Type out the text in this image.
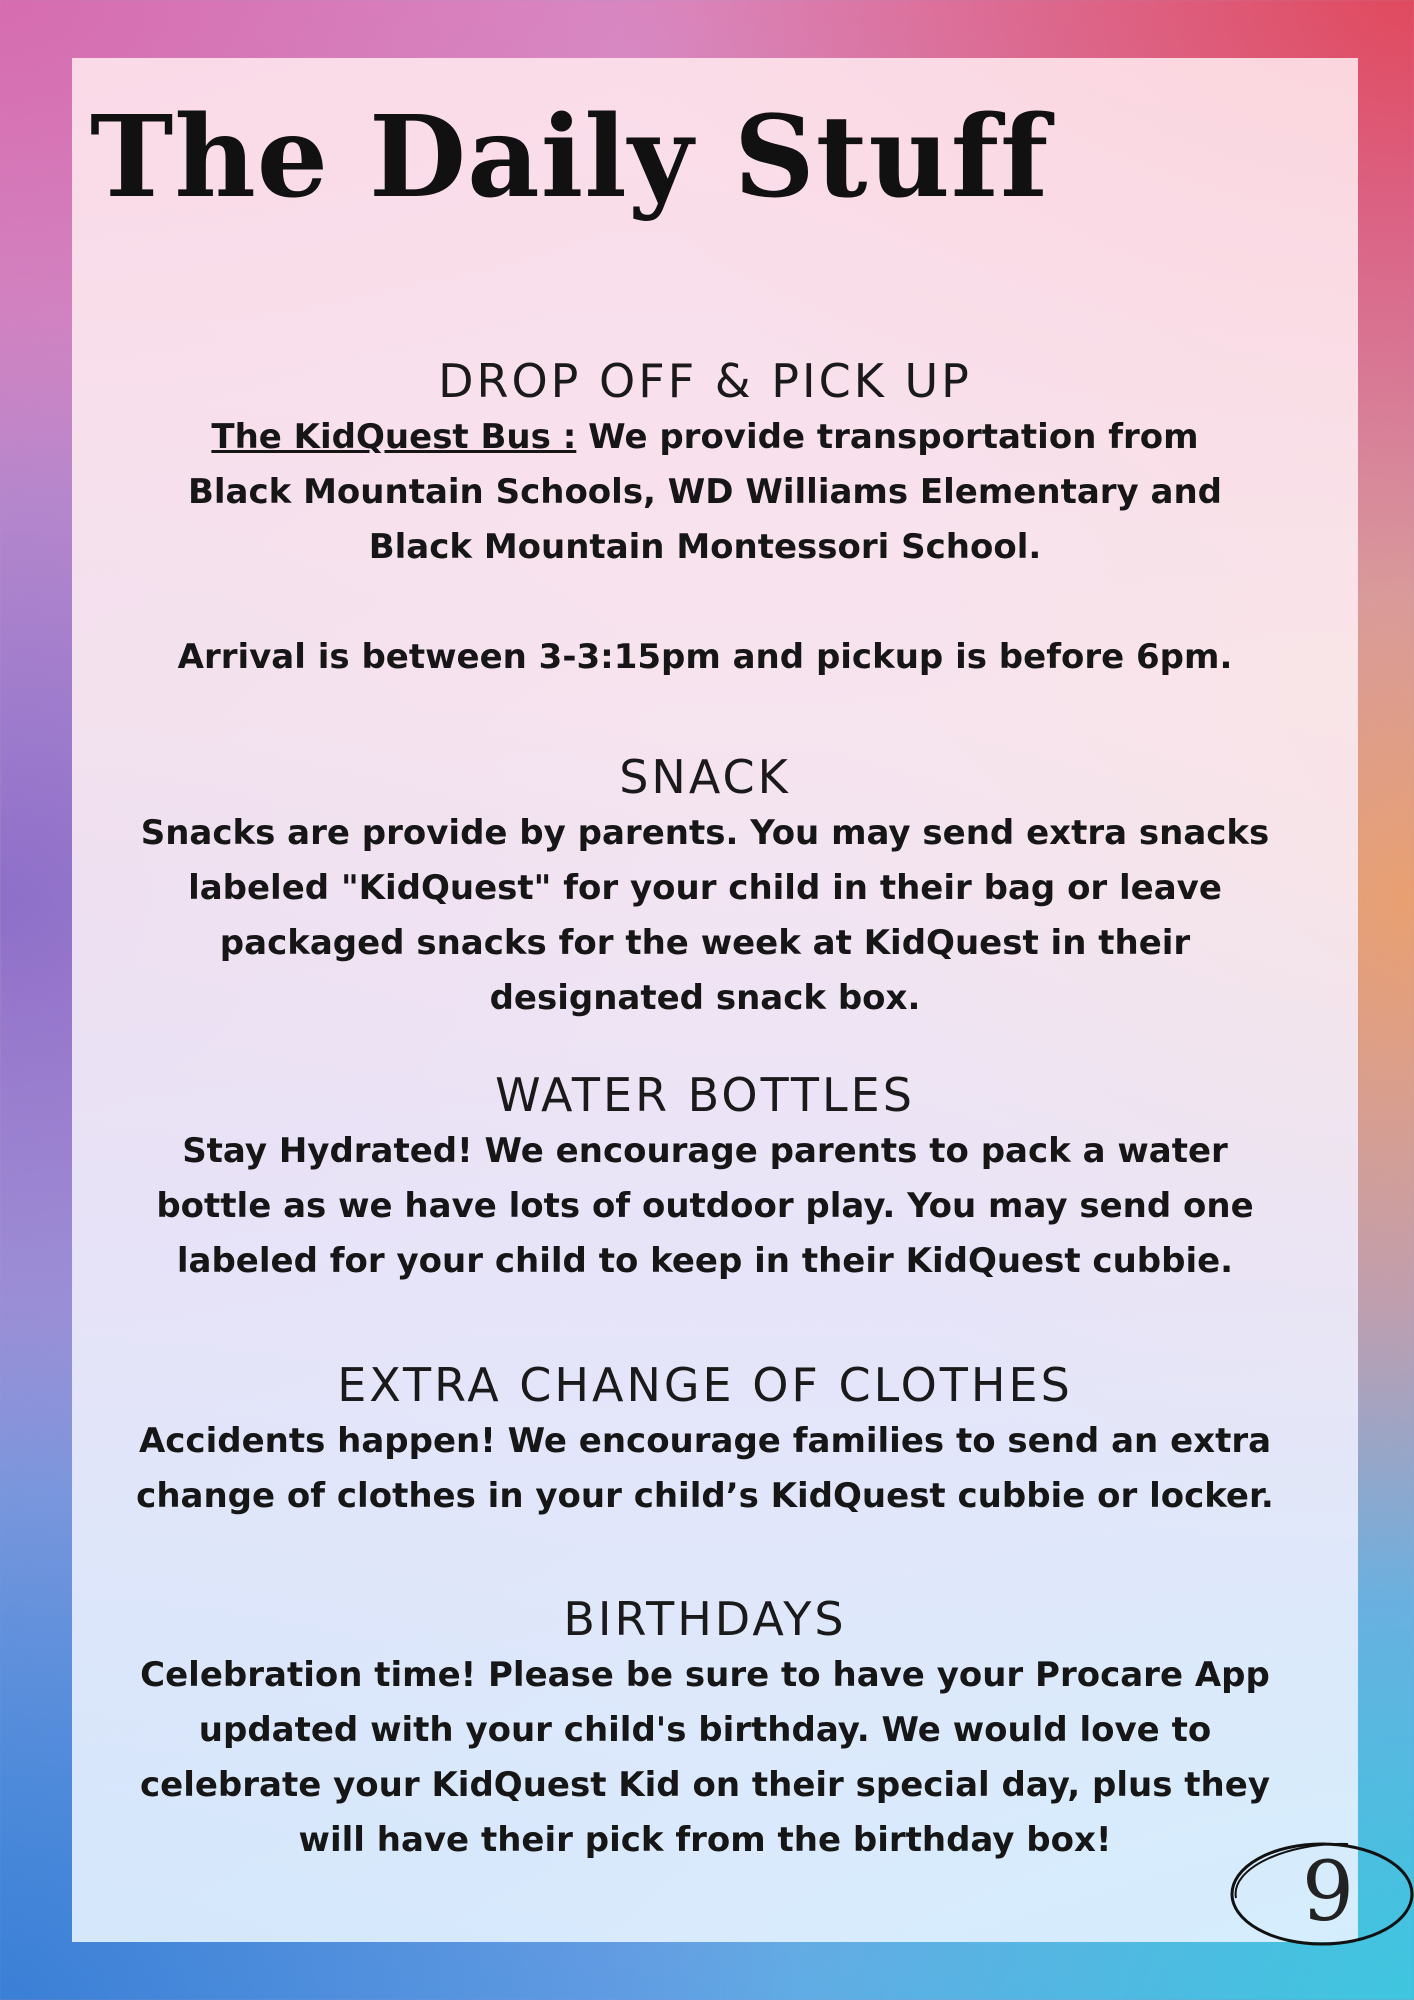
The Daily Stuff
DROP OFF & PICK UP

The KidQuest Bus : We provide transportation from Black Mountain Schools, WD Williams Elementary and Black Mountain Montessori School.

Arrival is between 3-3:15pm and pickup is before 6pm.

SNACK

Snacks are provide by parents. You may send extra snacks labeled "KidQuest" for your child in their bag or leave packaged snacks for the week at KidQuest in their designated snack box.

WATER BOTTLES

Stay Hydrated! We encourage parents to pack a water bottle as we have lots of outdoor play. You may send one labeled for your child to keep in their KidQuest cubbie.

EXTRA CHANGE OF CLOTHES

Accidents happen! We encourage families to send an extra change of clothes in your child’s KidQuest cubbie or locker.

BIRTHDAYS

Celebration time! Please be sure to have your Procare App updated with your child's birthday. We would love to celebrate your KidQuest Kid on their special day, plus they will have their pick from the birthday box!

9
